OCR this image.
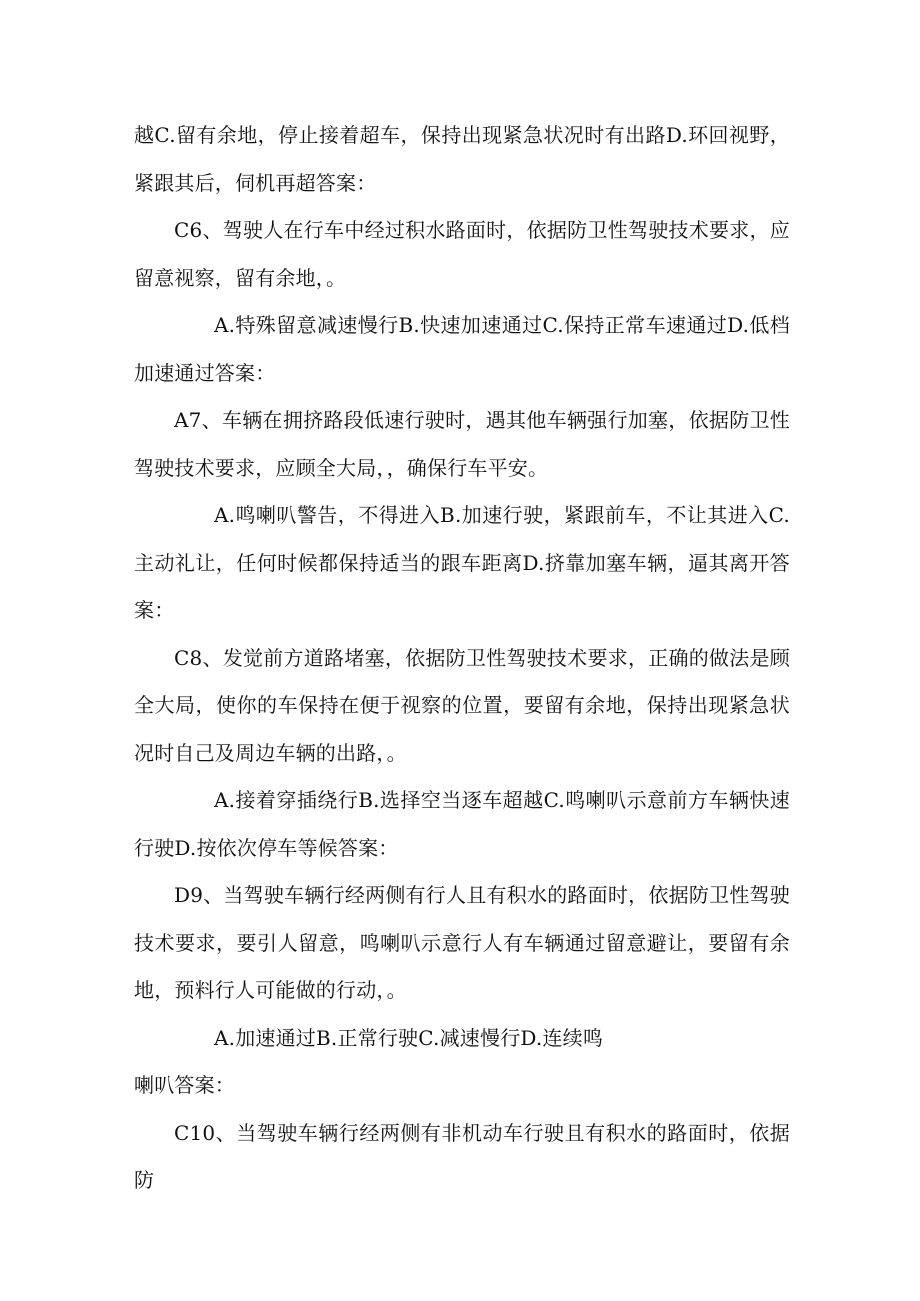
越C.留有余地，停止接着超车，保持出现紧急状况时有出路D.环回视野，紧跟其后，伺机再超答案：

C6、驾驶人在行车中经过积水路面时，依据防卫性驾驶技术要求，应留意视察，留有余地，。

A.特殊留意减速慢行B.快速加速通过C.保持正常车速通过D.低档加速通过答案：

A7、车辆在拥挤路段低速行驶时，遇其他车辆强行加塞，依据防卫性驾驶技术要求，应顾全大局，，确保行车平安。

A.鸣喇叭警告，不得进入B.加速行驶，紧跟前车，不让其进入C.主动礼让，任何时候都保持适当的跟车距离D.挤靠加塞车辆，逼其离开答案：

C8、发觉前方道路堵塞，依据防卫性驾驶技术要求，正确的做法是顾全大局，使你的车保持在便于视察的位置，要留有余地，保持出现紧急状况时自己及周边车辆的出路，。

A.接着穿插绕行B.选择空当逐车超越C.鸣喇叭示意前方车辆快速行驶D.按依次停车等候答案：

D9、当驾驶车辆行经两侧有行人且有积水的路面时，依据防卫性驾驶技术要求，要引人留意，鸣喇叭示意行人有车辆通过留意避让，要留有余地，预料行人可能做的行动，。

A.加速通过B.正常行驶C.减速慢行D.连续鸣

喇叭答案：

C10、当驾驶车辆行经两侧有非机动车行驶且有积水的路面时，依据防
